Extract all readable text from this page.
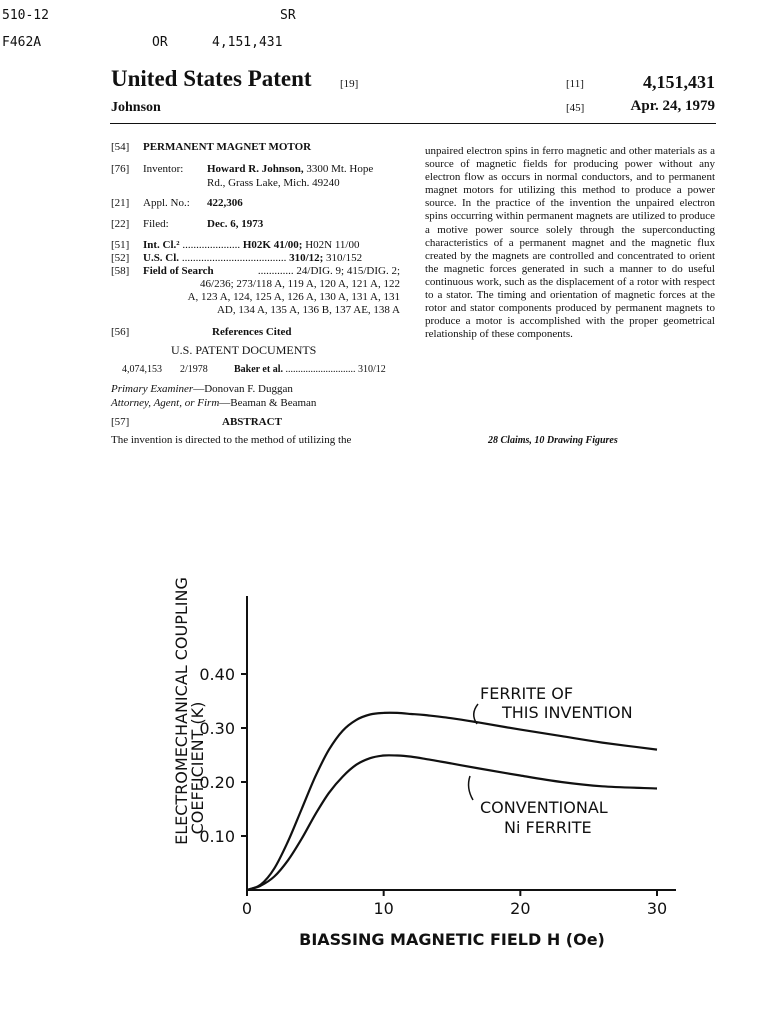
510-12	SR
F462A	OR	4,151,431
United States Patent	[19]
Johnson
[11]	4,151,431
[45]	Apr. 24, 1979
[54] PERMANENT MAGNET MOTOR
[76] Inventor: Howard R. Johnson, 3300 Mt. Hope
Rd., Grass Lake, Mich. 49240
[21] Appl. No.: 422,306
[22] Filed:	Dec. 6, 1973
[51] Int. Cl.² ..................... H02K 41/00; H02N 11/00
[52] U.S. Cl. ...................................... 310/12; 310/152
[58] Field of Search	............. 24/DIG. 9; 415/DIG. 2;
46/236; 273/118 A, 119 A, 120 A, 121 A, 122
A, 123 A, 124, 125 A, 126 A, 130 A, 131 A, 131
AD, 134 A, 135 A, 136 B, 137 AE, 138 A
[56]	References Cited
U.S. PATENT DOCUMENTS
4,074,153 2/1978	Baker et al. ............................ 310/12
Primary Examiner—Donovan F. Duggan
Attorney, Agent, or Firm—Beaman & Beaman
[57]	ABSTRACT
The invention is directed to the method of utilizing the
unpaired electron spins in ferro magnetic and other materials as a source of magnetic fields for producing power without any electron flow as occurs in normal conductors, and to permanent magnet motors for utilizing this method to produce a power source. In the practice of the invention the unpaired electron spins occurring within permanent magnets are utilized to produce a motive power source solely through the superconducting characteristics of a permanent magnet and the magnetic flux created by the magnets are controlled and concentrated to orient the magnetic forces generated in such a manner to do useful continuous work, such as the displacement of a rotor with respect to a stator. The timing and orientation of magnetic forces at the rotor and stator components produced by permanent magnets to produce a motor is accomplished with the proper geometrical relationship of these components.
28 Claims, 10 Drawing Figures
0	10	20	30
0.10
0.20
0.30
0.40
FERRITE OF
THIS INVENTION
CONVENTIONAL
Ni FERRITE
BIASSING MAGNETIC FIELD H (Oe)
ELECTROMECHANICAL COUPLING
COEFFICIENT (K)
